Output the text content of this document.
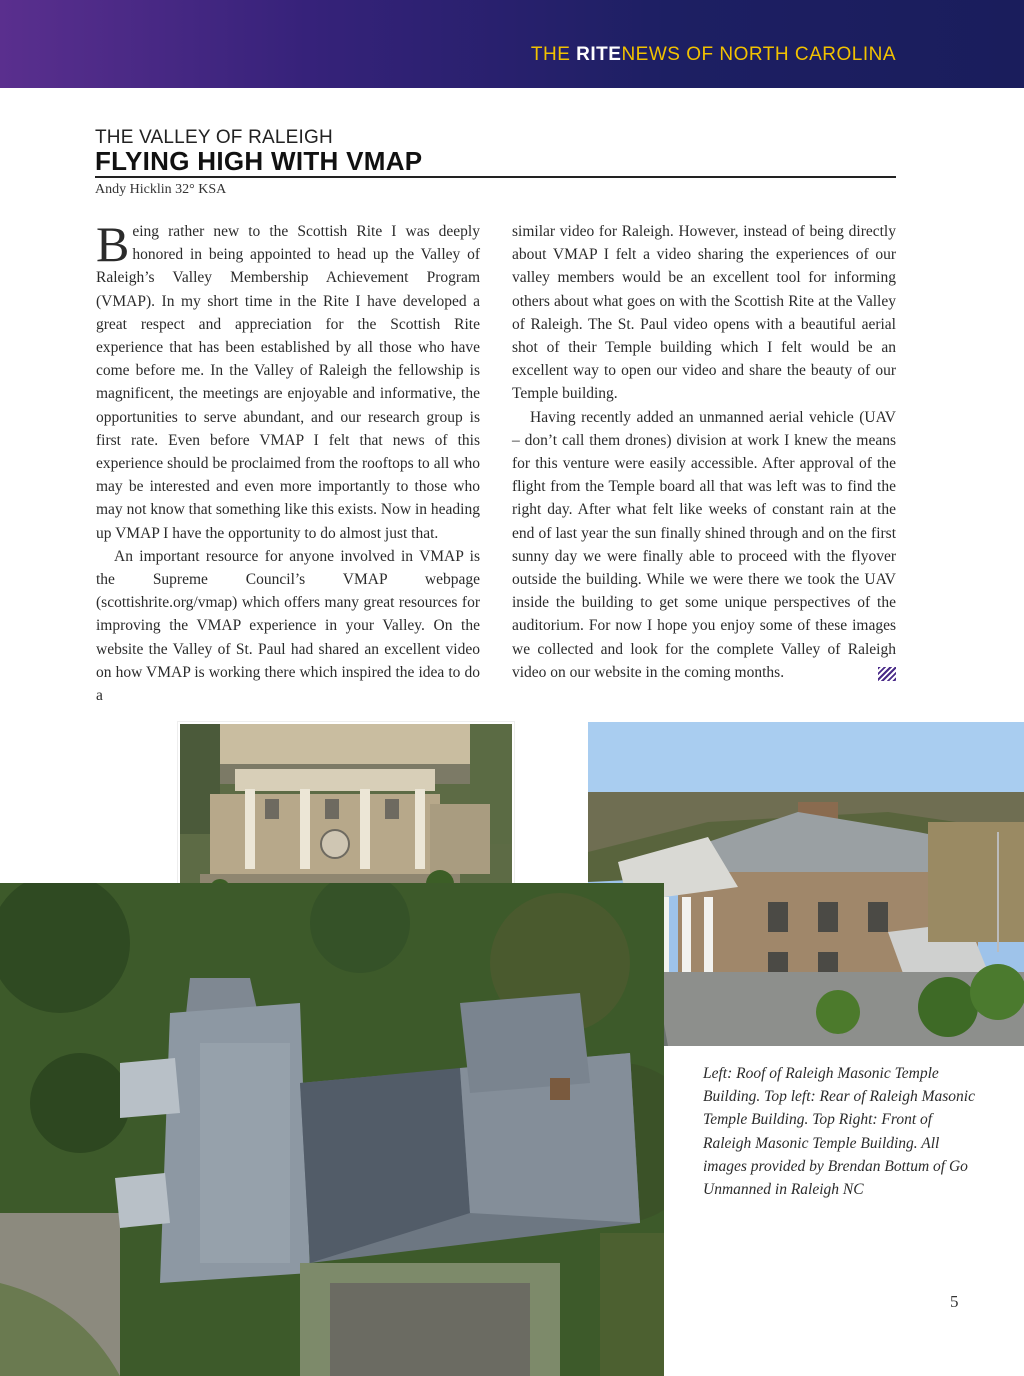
THE RITENEWS OF NORTH CAROLINA
THE VALLEY OF RALEIGH
FLYING HIGH WITH VMAP
Andy Hicklin 32° KSA

Being rather new to the Scottish Rite I was deeply honored in being appointed to head up the Valley of Raleigh’s Valley Membership Achievement Program (VMAP). In my short time in the Rite I have developed a great respect and appreciation for the Scottish Rite experience that has been established by all those who have come before me. In the Valley of Raleigh the fellowship is magnificent, the meetings are enjoyable and informative, the opportunities to serve abundant, and our research group is first rate. Even before VMAP I felt that news of this experience should be proclaimed from the rooftops to all who may be interested and even more importantly to those who may not know that something like this exists. Now in heading up VMAP I have the opportunity to do almost just that.

An important resource for anyone involved in VMAP is the Supreme Council’s VMAP webpage (scottishrite.org/vmap) which offers many great resources for improving the VMAP experience in your Valley. On the website the Valley of St. Paul had shared an excellent video on how VMAP is working there which inspired the idea to do a

similar video for Raleigh. However, instead of being directly about VMAP I felt a video sharing the experiences of our valley members would be an excellent tool for informing others about what goes on with the Scottish Rite at the Valley of Raleigh. The St. Paul video opens with a beautiful aerial shot of their Temple building which I felt would be an excellent way to open our video and share the beauty of our Temple building.

Having recently added an unmanned aerial vehicle (UAV – don’t call them drones) division at work I knew the means for this venture were easily accessible. After approval of the flight from the Temple board all that was left was to find the right day. After what felt like weeks of constant rain at the end of last year the sun finally shined through and on the first sunny day we were finally able to proceed with the flyover outside the building. While we were there we took the UAV inside the building to get some unique perspectives of the auditorium. For now I hope you enjoy some of these images we collected and look for the complete Valley of Raleigh video on our website in the coming months.

Left: Roof of Raleigh Masonic Temple Building. Top left: Rear of Raleigh Masonic Temple Building. Top Right: Front of Raleigh Masonic Temple Building. All images provided by Brendan Bottum of Go Unmanned in Raleigh NC
5
